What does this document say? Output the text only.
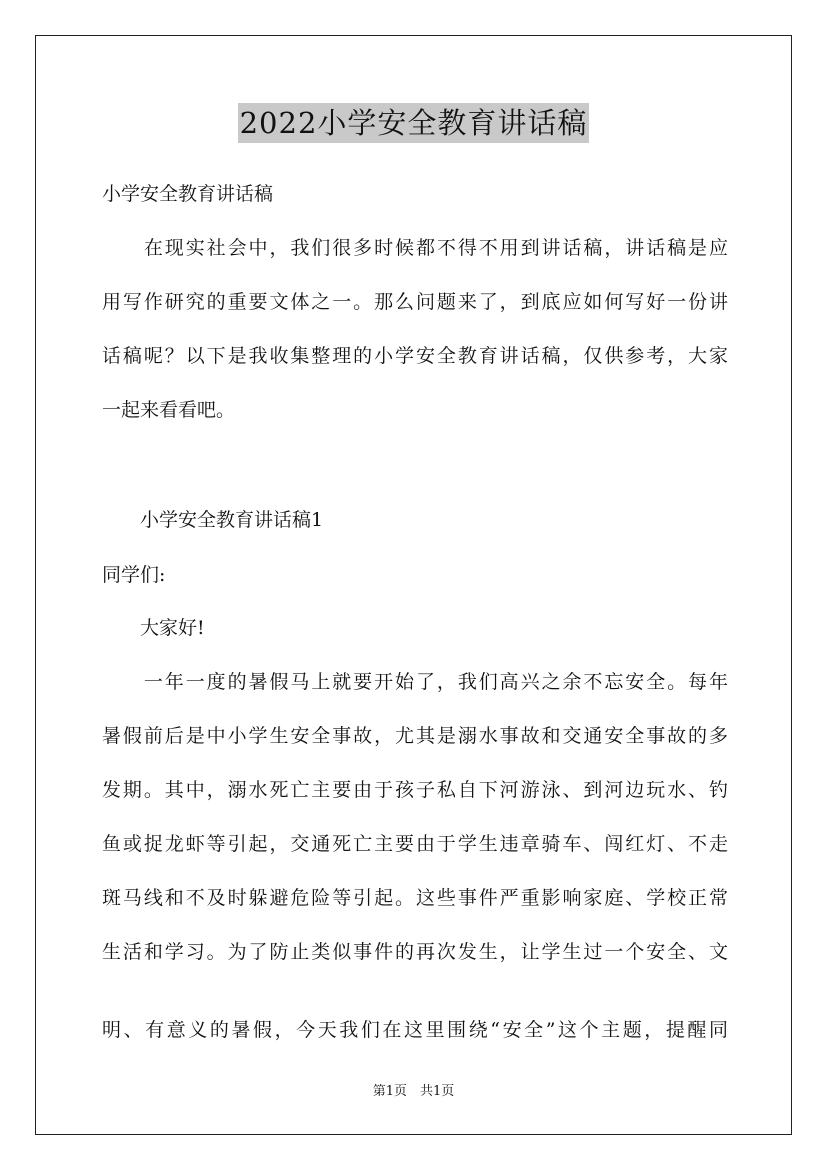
2022小学安全教育讲话稿
小学安全教育讲话稿
　　在现实社会中，我们很多时候都不得不用到讲话稿，讲话稿是应
用写作研究的重要文体之一。那么问题来了，到底应如何写好一份讲
话稿呢？以下是我收集整理的小学安全教育讲话稿，仅供参考，大家
一起来看看吧。
　　小学安全教育讲话稿1
同学们:
　　大家好!
　　一年一度的暑假马上就要开始了，我们高兴之余不忘安全。每年
暑假前后是中小学生安全事故，尤其是溺水事故和交通安全事故的多
发期。其中，溺水死亡主要由于孩子私自下河游泳、到河边玩水、钓
鱼或捉龙虾等引起，交通死亡主要由于学生违章骑车、闯红灯、不走
斑马线和不及时躲避危险等引起。这些事件严重影响家庭、学校正常
生活和学习。为了防止类似事件的再次发生，让学生过一个安全、文
明、有意义的暑假，今天我们在这里围绕“安全”这个主题，提醒同
第1页　共1页
